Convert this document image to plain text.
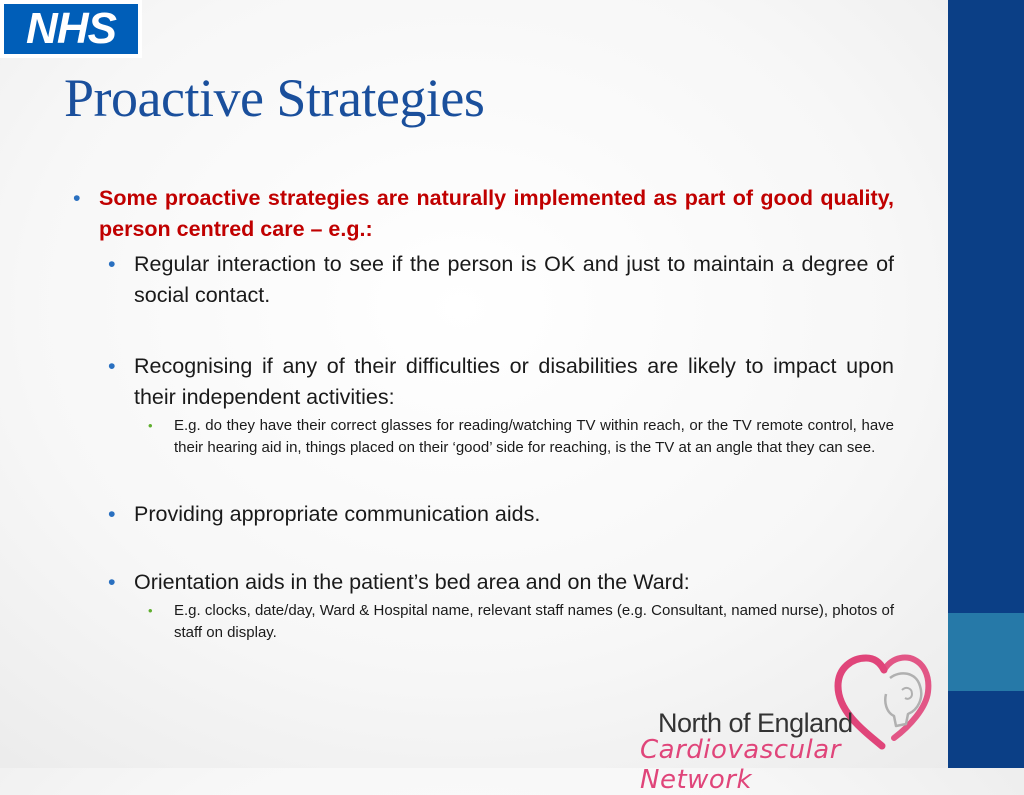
NHS
Proactive Strategies
• Some proactive strategies are naturally implemented as part of good quality, person centred care – e.g.:
• Regular interaction to see if the person is OK and just to maintain a degree of social contact.
• Recognising if any of their difficulties or disabilities are likely to impact upon their independent activities:
• E.g. do they have their correct glasses for reading/watching TV within reach, or the TV remote control, have their hearing aid in, things placed on their ‘good’ side for reaching, is the TV at an angle that they can see.
• Providing appropriate communication aids.
• Orientation aids in the patient’s bed area and on the Ward:
• E.g. clocks, date/day, Ward & Hospital name, relevant staff names (e.g. Consultant, named nurse), photos of staff on display.
North of England
Cardiovascular Network
